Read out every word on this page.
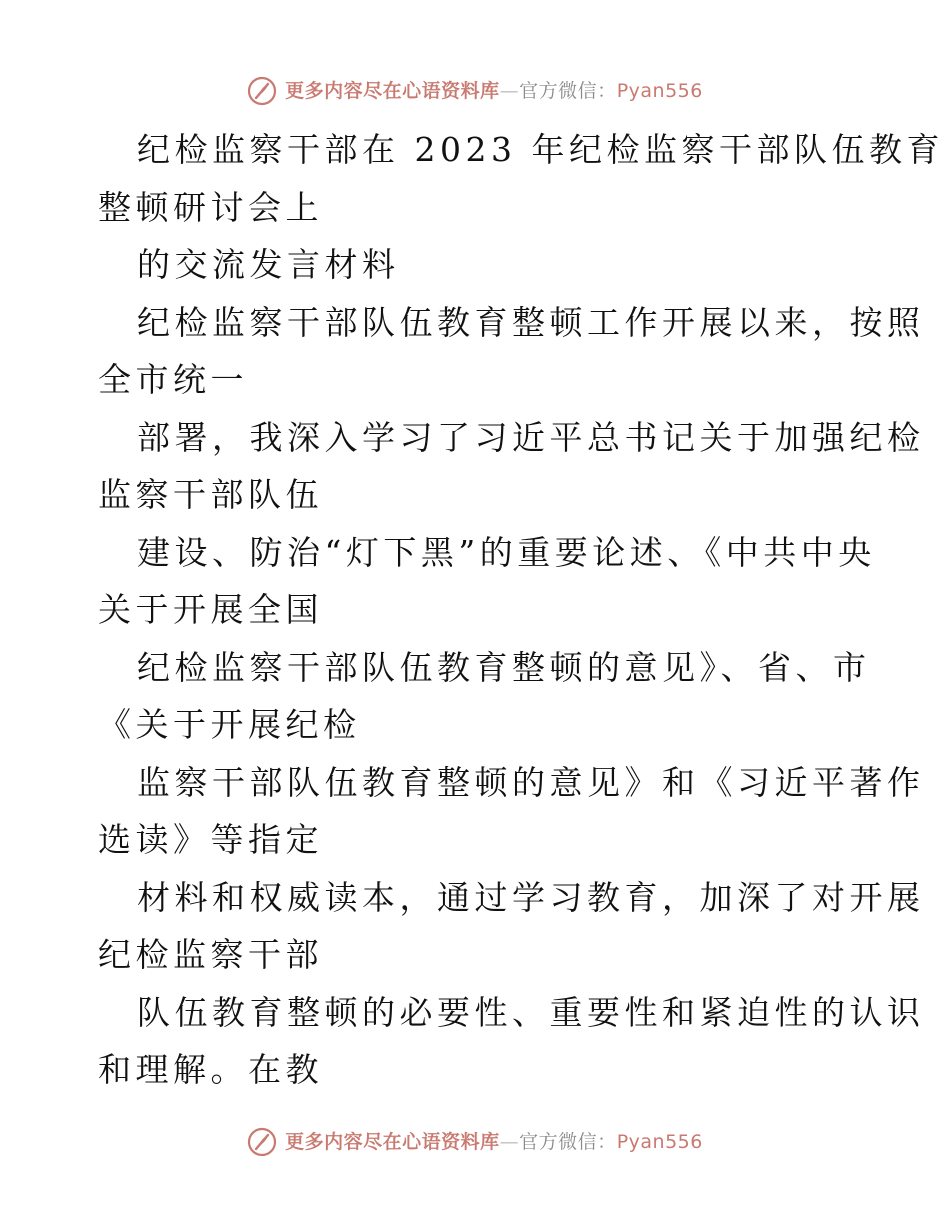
更多内容尽在心语资料库—官方微信：Pyan556
纪检监察干部在 2023 年纪检监察干部队伍教育
整顿研讨会上
的交流发言材料
纪检监察干部队伍教育整顿工作开展以来，按照
全市统一
部署，我深入学习了习近平总书记关于加强纪检
监察干部队伍
建设、防治“灯下黑”的重要论述、《中共中央
关于开展全国
纪检监察干部队伍教育整顿的意见》、省、市
《关于开展纪检
监察干部队伍教育整顿的意见》和《习近平著作
选读》等指定
材料和权威读本，通过学习教育，加深了对开展
纪检监察干部
队伍教育整顿的必要性、重要性和紧迫性的认识
和理解。在教
更多内容尽在心语资料库—官方微信：Pyan556
